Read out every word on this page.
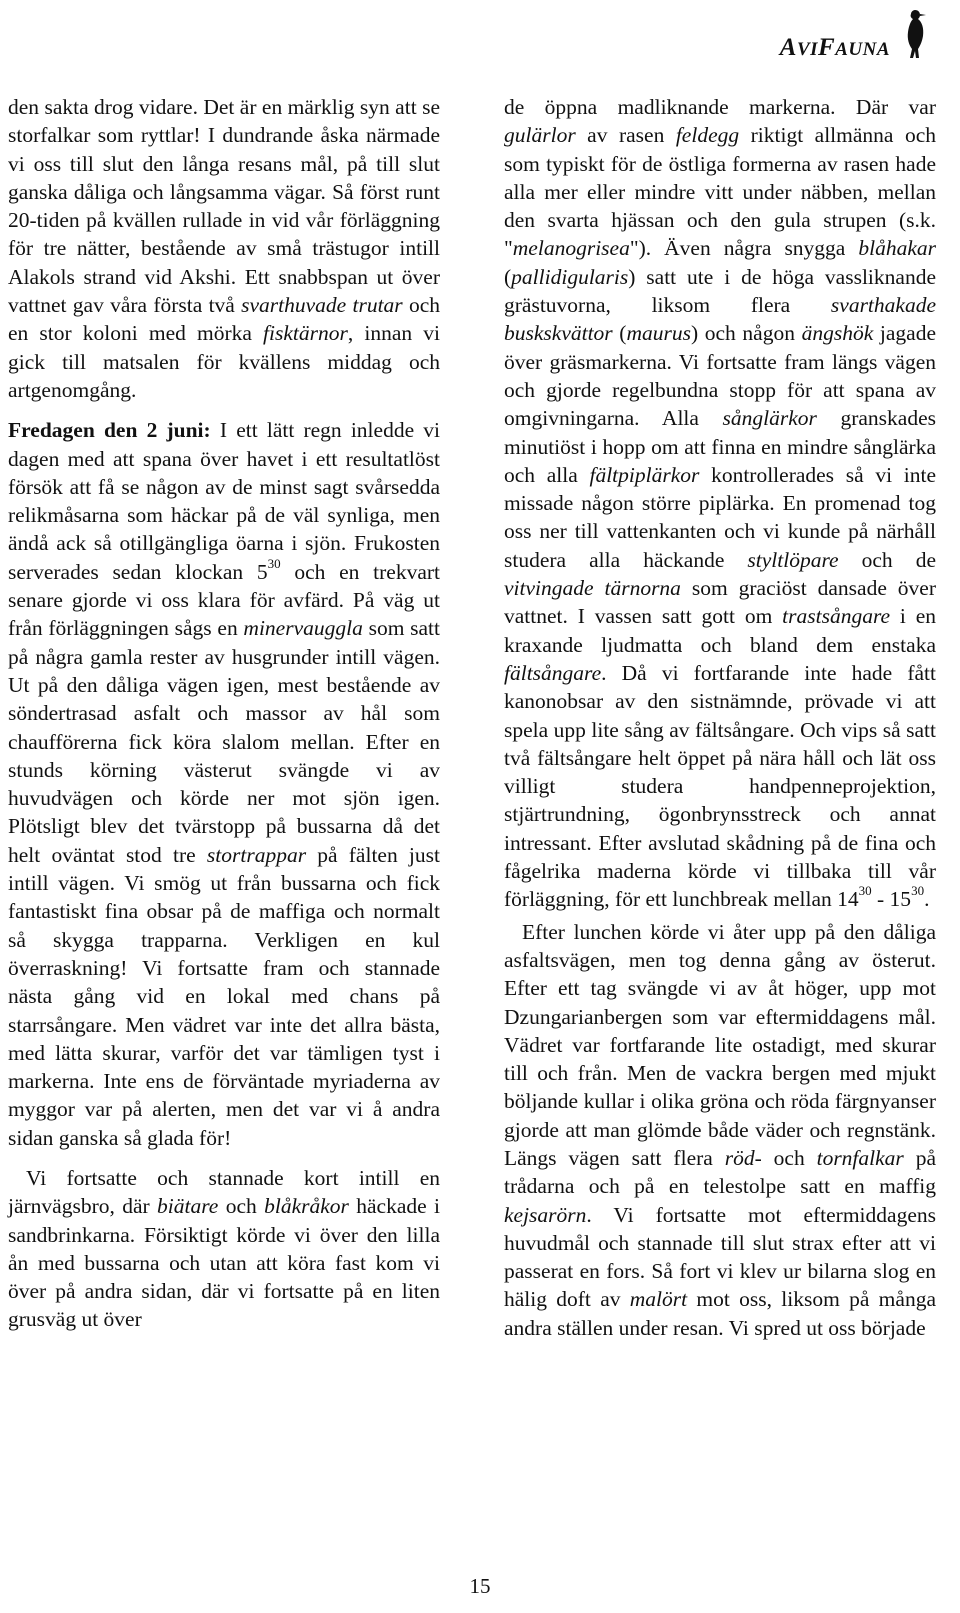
AVIFAUNA

den sakta drog vidare. Det är en märklig syn att se storfalkar som ryttlar! I dundrande åska närmade vi oss till slut den långa resans mål, på till slut ganska dåliga och långsamma vägar. Så först runt 20-tiden på kvällen rullade in vid vår förläggning för tre nätter, bestående av små trästugor intill Alakols strand vid Akshi. Ett snabbspan ut över vattnet gav våra första två svarthuvade trutar och en stor koloni med mörka fisktärnor, innan vi gick till matsalen för kvällens middag och artgenomgång.

Fredagen den 2 juni: I ett lätt regn inledde vi dagen med att spana över havet i ett resultatlöst försök att få se någon av de minst sagt svårsedda relikmåsarna som häckar på de väl synliga, men ändå ack så otillgängliga öarna i sjön. Frukosten serverades sedan klockan $5^{30}$ och en trekvart senare gjorde vi oss klara för avfärd. På väg ut från förläggningen sågs en minervauggla som satt på några gamla rester av husgrunder intill vägen. Ut på den dåliga vägen igen, mest bestående av söndertrasad asfalt och massor av hål som chaufförerna fick köra slalom mellan. Efter en stunds körning västerut svängde vi av huvudvägen och körde ner mot sjön igen. Plötsligt blev det tvärstopp på bussarna då det helt oväntat stod tre stortrappar på fälten just intill vägen. Vi smög ut från bussarna och fick fantastiskt fina obsar på de maffiga och normalt så skygga trapparna. Verkligen en kul överraskning! Vi fortsatte fram och stannade nästa gång vid en lokal med chans på starrsångare. Men vädret var inte det allra bästa, med lätta skurar, varför det var tämligen tyst i markerna. Inte ens de förväntade myriaderna av myggor var på alerten, men det var vi å andra sidan ganska så glada för!

Vi fortsatte och stannade kort intill en järnvägsbro, där biätare och blåkråkor häckade i sandbrinkarna. Försiktigt körde vi över den lilla ån med bussarna och utan att köra fast kom vi över på andra sidan, där vi fortsatte på en liten grusväg ut över

de öppna madliknande markerna. Där var gulärlor av rasen feldegg riktigt allmänna och som typiskt för de östliga formerna av rasen hade alla mer eller mindre vitt under näbben, mellan den svarta hjässan och den gula strupen (s.k. "melanogrisea"). Även några snygga blåhakar (pallidigularis) satt ute i de höga vassliknande grästuvorna, liksom flera svarthakade buskskvättor (maurus) och någon ängshök jagade över gräsmarkerna. Vi fortsatte fram längs vägen och gjorde regelbundna stopp för att spana av omgivningarna. Alla sånglärkor granskades minutiöst i hopp om att finna en mindre sånglärka och alla fältpiplärkor kontrollerades så vi inte missade någon större piplärka. En promenad tog oss ner till vattenkanten och vi kunde på närhåll studera alla häckande styltlöpare och de vitvingade tärnorna som graciöst dansade över vattnet. I vassen satt gott om trastsångare i en kraxande ljudmatta och bland dem enstaka fältsångare. Då vi fortfarande inte hade fått kanonobsar av den sistnämnde, prövade vi att spela upp lite sång av fältsångare. Och vips så satt två fältsångare helt öppet på nära håll och lät oss villigt studera handpenneprojektion, stjärtrundning, ögonbrynsstreck och annat intressant. Efter avslutad skådning på de fina och fågelrika maderna körde vi tillbaka till vår förläggning, för ett lunchbreak mellan $14^{30} - 15^{30}$.

Efter lunchen körde vi åter upp på den dåliga asfaltsvägen, men tog denna gång av österut. Efter ett tag svängde vi av åt höger, upp mot Dzungarianbergen som var eftermiddagens mål. Vädret var fortfarande lite ostadigt, med skurar till och från. Men de vackra bergen med mjukt böljande kullar i olika gröna och röda färgnyanser gjorde att man glömde både väder och regnstänk. Längs vägen satt flera röd- och tornfalkar på trådarna och på en telestolpe satt en maffig kejsarörn. Vi fortsatte mot eftermiddagens huvudmål och stannade till slut strax efter att vi passerat en fors. Så fort vi klev ur bilarna slog en hälig doft av malört mot oss, liksom på många andra ställen under resan. Vi spred ut oss började

15
